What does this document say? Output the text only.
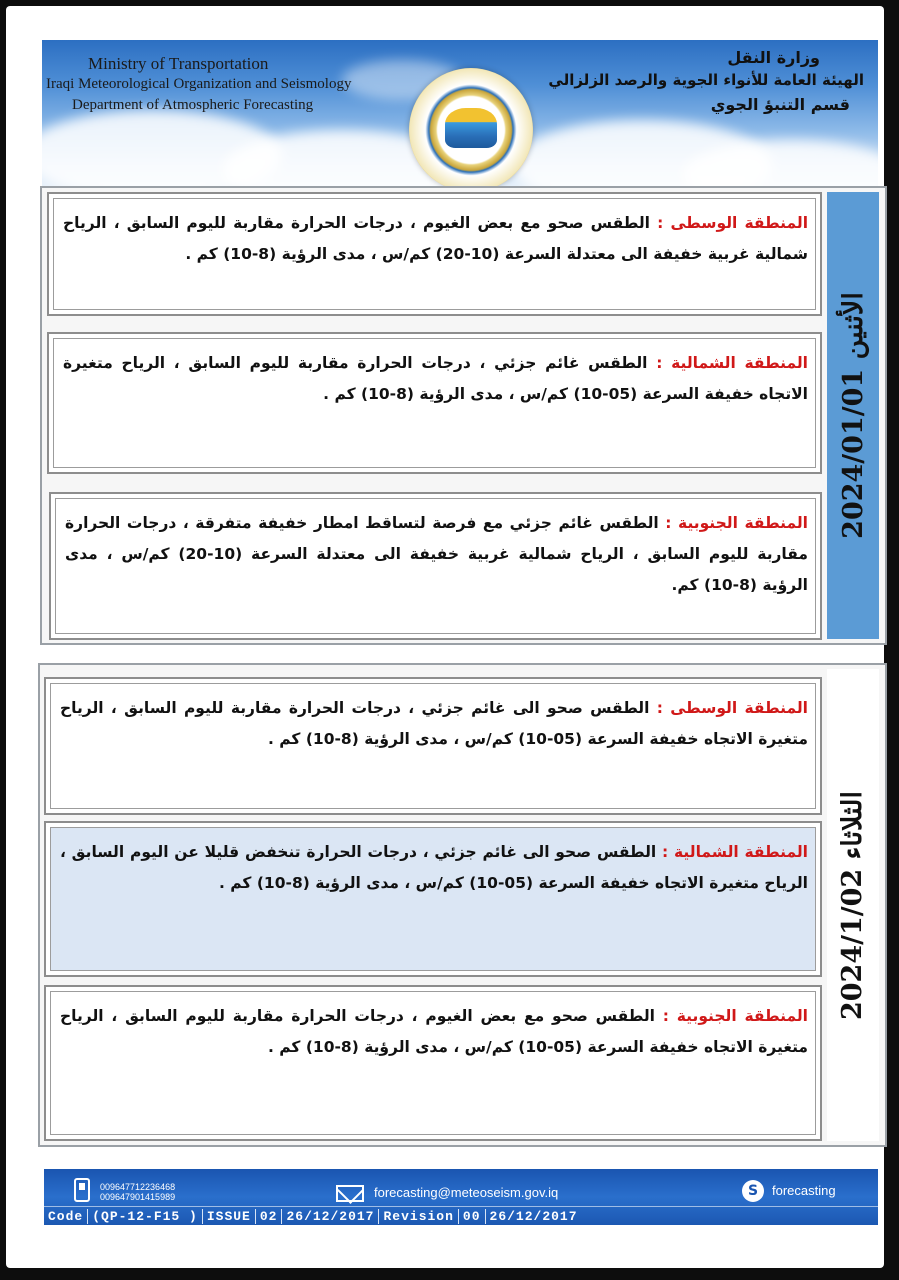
Ministry of Transportation
Iraqi Meteorological Organization and Seismology
Department of Atmospheric Forecasting
وزارة النقل
الهيئة العامة للأنواء الجوية والرصد الزلزالي
قسم التنبؤ الجوي
الأثنين 2024/01/01
المنطقة الوسطى : الطقس صحو مع بعض الغيوم ، درجات الحرارة مقاربة لليوم السابق ، الرياح شمالية غربية خفيفة الى معتدلة السرعة (10-20) كم/س ، مدى الرؤية (8-10) كم .
المنطقة الشمالية : الطقس غائم جزئي ، درجات الحرارة مقاربة لليوم السابق ، الرياح متغيرة الاتجاه خفيفة السرعة (05-10) كم/س ، مدى الرؤية (8-10) كم .
المنطقة الجنوبية : الطقس غائم جزئي مع فرصة لتساقط امطار خفيفة متفرقة ، درجات الحرارة مقاربة لليوم السابق ، الرياح شمالية غربية خفيفة الى معتدلة السرعة (10-20) كم/س ، مدى الرؤية (8-10) كم.
الثلاثاء 2024/1/02
المنطقة الوسطى : الطقس صحو الى غائم جزئي ، درجات الحرارة مقاربة لليوم السابق ، الرياح متغيرة الاتجاه خفيفة السرعة (05-10) كم/س ، مدى الرؤية (8-10) كم .
المنطقة الشمالية : الطقس صحو الى غائم جزئي ، درجات الحرارة تنخفض قليلا عن اليوم السابق ، الرياح متغيرة الاتجاه خفيفة السرعة (05-10) كم/س ، مدى الرؤية (8-10) كم .
المنطقة الجنوبية : الطقس صحو مع بعض الغيوم ، درجات الحرارة مقاربة لليوم السابق ، الرياح متغيرة الاتجاه خفيفة السرعة (05-10) كم/س ، مدى الرؤية (8-10) كم .
009647712236468
009647901415989	forecasting@meteoseism.gov.iq	S	forecasting
Code (QP-12-F15 ) ISSUE 02 26/12/2017 Revision 00 26/12/2017
